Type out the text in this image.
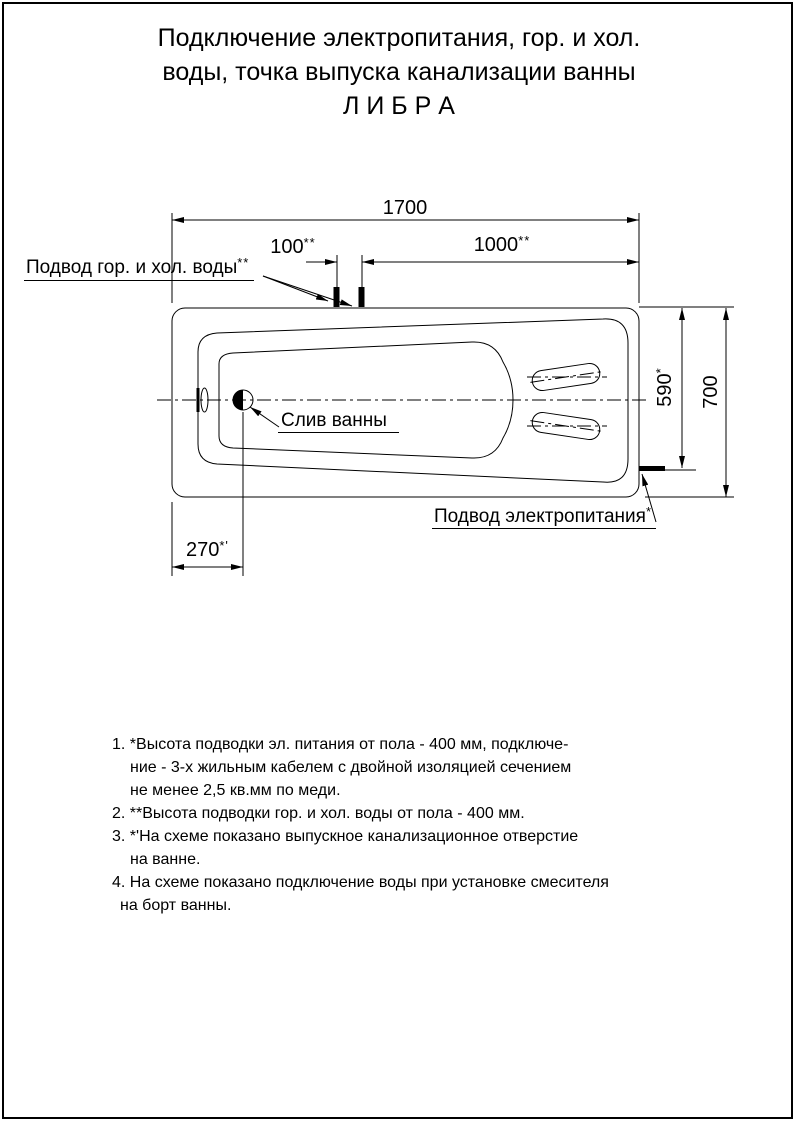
Подключение электропитания, гор. и хол.
воды, точка выпуска канализации ванны
Л И Б Р А
1700
100**	1000**
590*
700
270*'
Подвод гор. и хол. воды**
Слив ванны
Подвод электропитания*
1. *Высота подводки эл. питания от пола - 400 мм, подключе-
ние - 3-х жильным кабелем с двойной изоляцией сечением
не менее 2,5 кв.мм по меди.
2. **Высота подводки гор. и хол. воды от пола - 400 мм.
3. *'На схеме показано выпускное канализационное отверстие
на ванне.
4. На схеме показано подключение воды при установке смесителя
на борт ванны.
